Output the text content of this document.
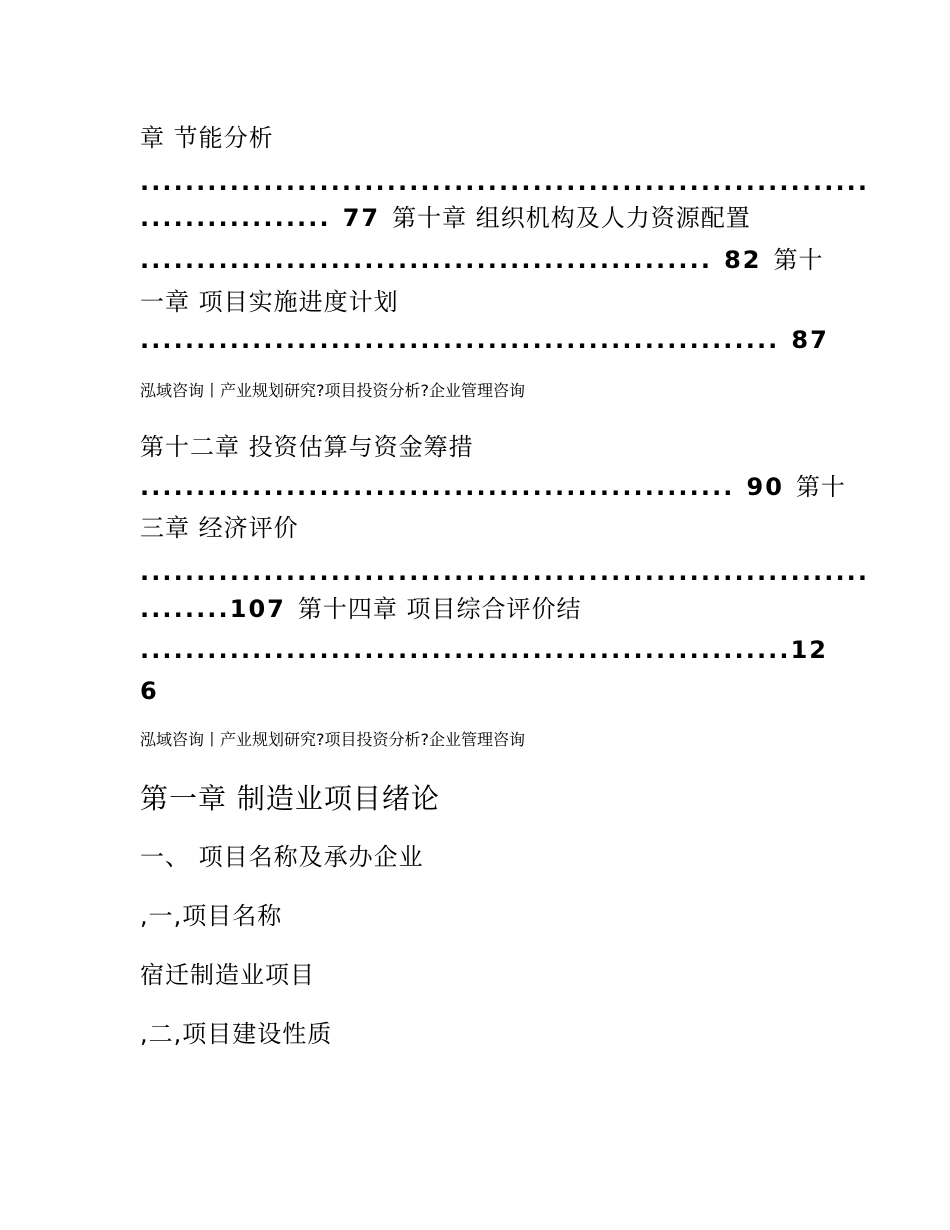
章 节能分析
.................................................................
................. 77 第十章 组织机构及人力资源配置
................................................... 82 第十
一章 项目实施进度计划
......................................................... 87
泓域咨询丨产业规划研究?项目投资分析?企业管理咨询
第十二章 投资估算与资金筹措
..................................................... 90 第十
三章 经济评价
.................................................................
........107 第十四章 项目综合评价结
..........................................................12
6
泓域咨询丨产业规划研究?项目投资分析?企业管理咨询
第一章 制造业项目绪论
一、 项目名称及承办企业
,一,项目名称
宿迁制造业项目
,二,项目建设性质
